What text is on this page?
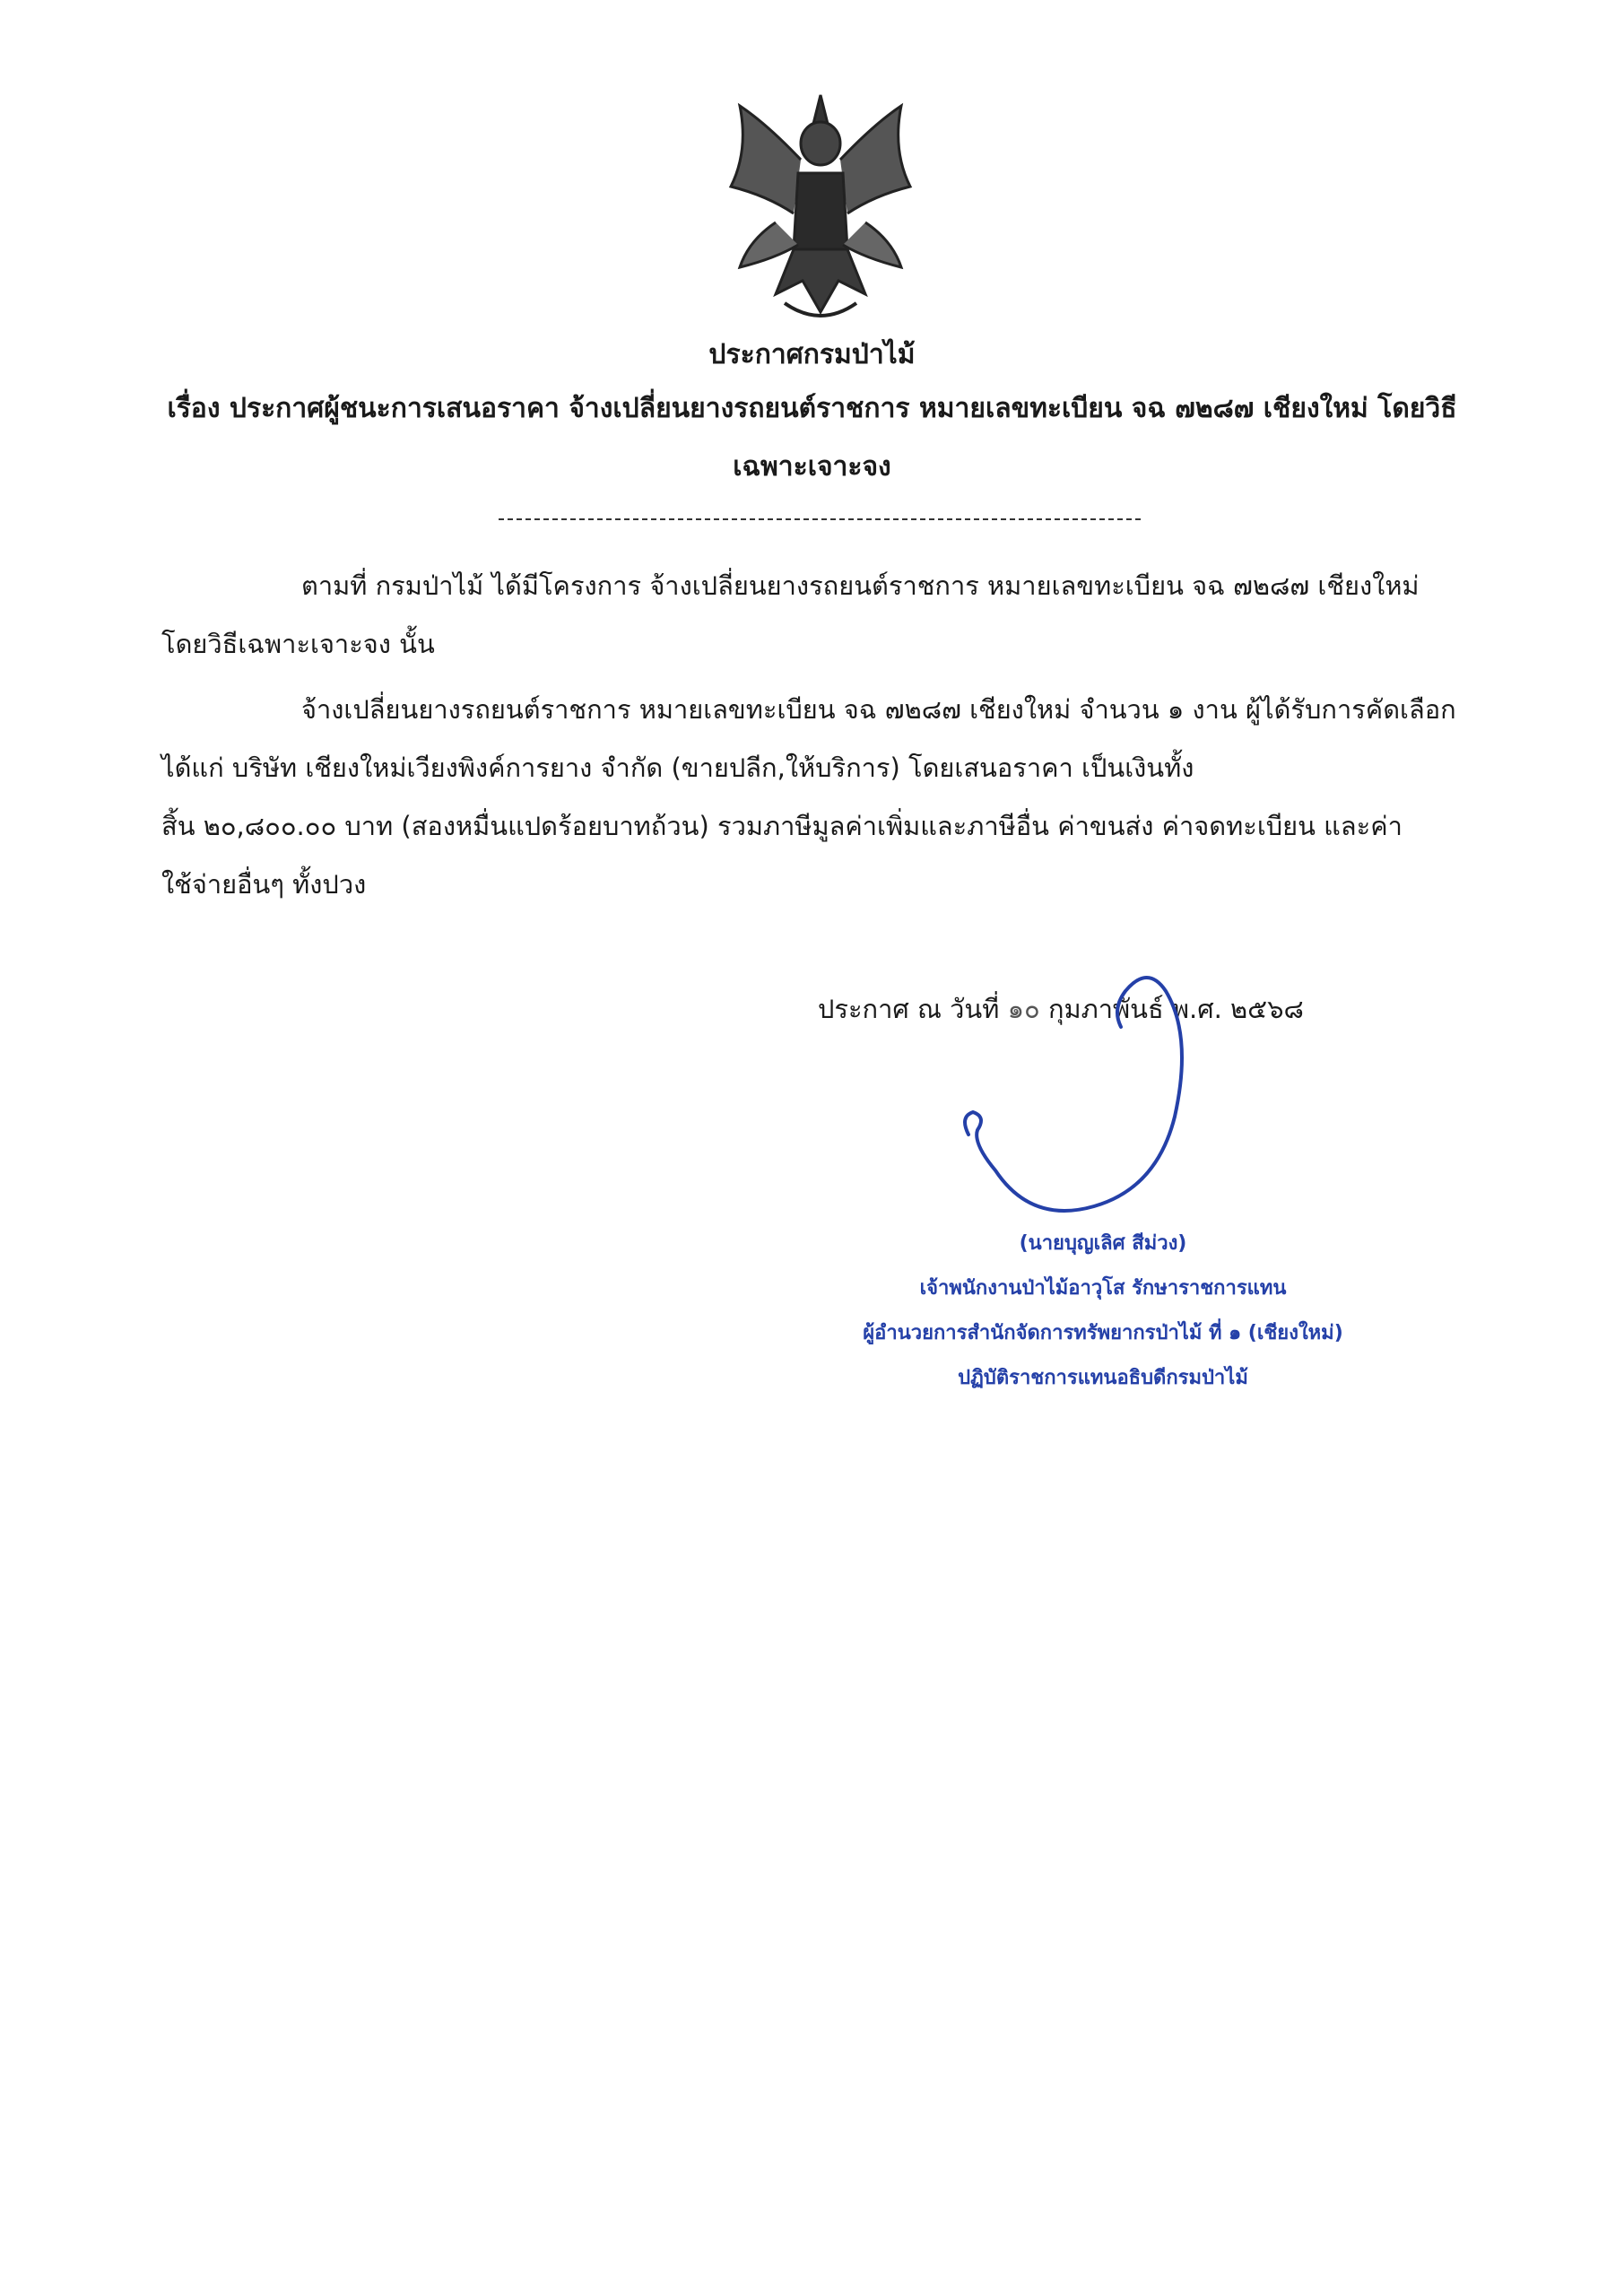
ประกาศกรมป่าไม้
เรื่อง ประกาศผู้ชนะการเสนอราคา จ้างเปลี่ยนยางรถยนต์ราชการ หมายเลขทะเบียน จฉ ๗๒๘๗ เชียงใหม่ โดยวิธี
เฉพาะเจาะจง
ตามที่ กรมป่าไม้ ได้มีโครงการ จ้างเปลี่ยนยางรถยนต์ราชการ หมายเลขทะเบียน จฉ ๗๒๘๗ เชียงใหม่
โดยวิธีเฉพาะเจาะจง นั้น
จ้างเปลี่ยนยางรถยนต์ราชการ หมายเลขทะเบียน จฉ ๗๒๘๗ เชียงใหม่ จำนวน ๑ งาน ผู้ได้รับการคัดเลือก
ได้แก่ บริษัท เชียงใหม่เวียงพิงค์การยาง จำกัด (ขายปลีก,ให้บริการ) โดยเสนอราคา เป็นเงินทั้ง
สิ้น ๒๐,๘๐๐.๐๐ บาท (สองหมื่นแปดร้อยบาทถ้วน) รวมภาษีมูลค่าเพิ่มและภาษีอื่น ค่าขนส่ง ค่าจดทะเบียน และค่า
ใช้จ่ายอื่นๆ ทั้งปวง
ประกาศ ณ วันที่ ๑๐ กุมภาพันธ์ พ.ศ. ๒๕๖๘
(นายบุญเลิศ สีม่วง)
เจ้าพนักงานป่าไม้อาวุโส รักษาราชการแทน
ผู้อำนวยการสำนักจัดการทรัพยากรป่าไม้ ที่ ๑ (เชียงใหม่)
ปฏิบัติราชการแทนอธิบดีกรมป่าไม้
